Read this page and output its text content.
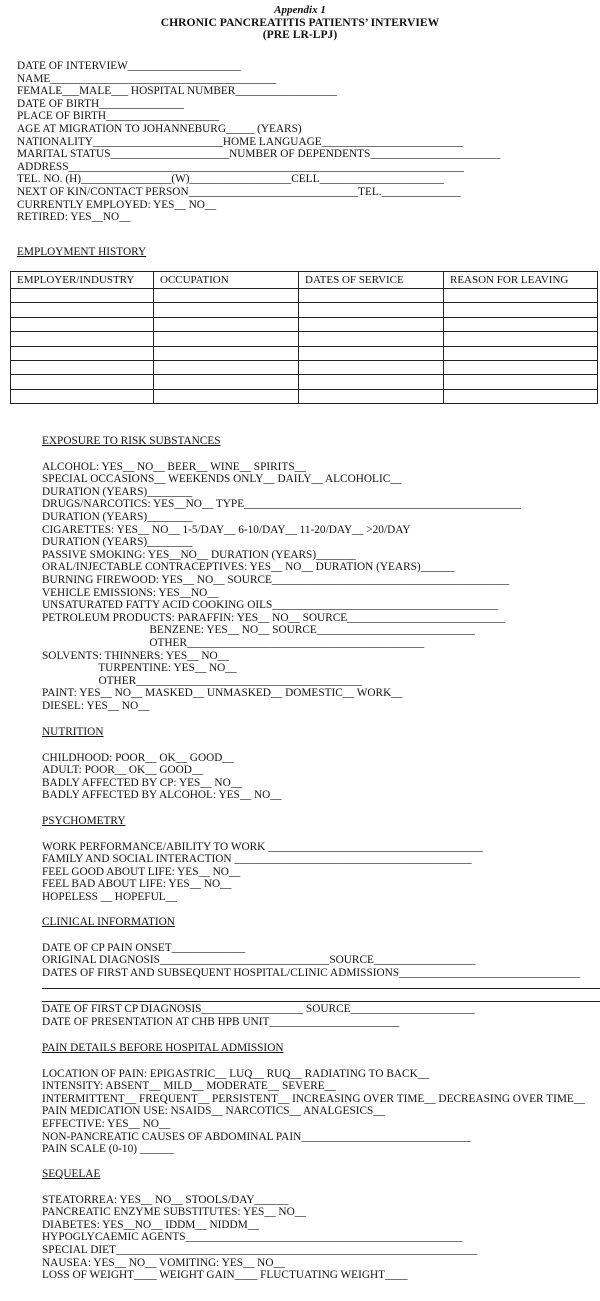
Appendix 1
CHRONIC PANCREATITIS PATIENTS’ INTERVIEW
(PRE LR-LPJ)
DATE OF INTERVIEW____________________
NAME________________________________________
FEMALE___MALE___ HOSPITAL NUMBER__________________
DATE OF BIRTH_______________
PLACE OF BIRTH____________________
AGE AT MIGRATION TO JOHANNEBURG_____ (YEARS)
NATIONALITY_______________________HOME LANGUAGE_________________________
MARITAL STATUS_____________________NUMBER OF DEPENDENTS_______________________
ADDRESS______________________________________________________________________
TEL. NO. (H)________________(W)__________________CELL______________________
NEXT OF KIN/CONTACT PERSON______________________________TEL.______________
CURRENTLY EMPLOYED: YES__ NO__
RETIRED: YES__NO__
EMPLOYMENT HISTORY
EMPLOYER/INDUSTRY	OCCUPATION	DATES OF SERVICE	REASON FOR LEAVING

EXPOSURE TO RISK SUBSTANCES
ALCOHOL: YES__ NO__ BEER__ WINE__ SPIRITS__
SPECIAL OCCASIONS__ WEEKENDS ONLY__ DAILY__ ALCOHOLIC__
DURATION (YEARS)________
DRUGS/NARCOTICS: YES__NO__ TYPE_________________________________________________
DURATION (YEARS)________
CIGARETTES: YES__ NO__ 1-5/DAY__ 6-10/DAY__ 11-20/DAY__ >20/DAY
DURATION (YEARS)________
PASSIVE SMOKING: YES__NO__ DURATION (YEARS)_______
ORAL/INJECTABLE CONTRACEPTIVES: YES__ NO__ DURATION (YEARS)______
BURNING FIREWOOD: YES__ NO__ SOURCE__________________________________________
VEHICLE EMISSIONS: YES__NO__
UNSATURATED FATTY ACID COOKING OILS________________________________________
PETROLEUM PRODUCTS: PARAFFIN: YES__ NO__ SOURCE____________________________
BENZENE: YES__ NO__ SOURCE____________________________
OTHER__________________________________________
SOLVENTS: THINNERS: YES__ NO__
TURPENTINE: YES__ NO__
OTHER________________________________________
PAINT: YES__ NO__ MASKED__ UNMASKED__ DOMESTIC__ WORK__
DIESEL: YES__ NO__
NUTRITION
CHILDHOOD: POOR__ OK__ GOOD__
ADULT: POOR__ OK__ GOOD__
BADLY AFFECTED BY CP: YES__ NO__
BADLY AFFECTED BY ALCOHOL: YES__ NO__
PSYCHOMETRY
WORK PERFORMANCE/ABILITY TO WORK ______________________________________
FAMILY AND SOCIAL INTERACTION __________________________________________
FEEL GOOD ABOUT LIFE: YES__ NO__
FEEL BAD ABOUT LIFE: YES__ NO__
HOPELESS __ HOPEFUL__
CLINICAL INFORMATION
DATE OF CP PAIN ONSET_____________
ORIGINAL DIAGNOSIS______________________________SOURCE__________________
DATES OF FIRST AND SUBSEQUENT HOSPITAL/CLINIC ADMISSIONS________________________________
DATE OF FIRST CP DIAGNOSIS__________________ SOURCE______________________
DATE OF PRESENTATION AT CHB HPB UNIT_______________________
PAIN DETAILS BEFORE HOSPITAL ADMISSION
LOCATION OF PAIN: EPIGASTRIC__ LUQ__ RUQ__ RADIATING TO BACK__
INTENSITY: ABSENT__ MILD__ MODERATE__ SEVERE__
INTERMITTENT__ FREQUENT__ PERSISTENT__ INCREASING OVER TIME__ DECREASING OVER TIME__
PAIN MEDICATION USE: NSAIDS__ NARCOTICS__ ANALGESICS__
EFFECTIVE: YES__ NO__
NON-PANCREATIC CAUSES OF ABDOMINAL PAIN______________________________
PAIN SCALE (0-10) ______
SEQUELAE
STEATORREA: YES__ NO__ STOOLS/DAY______
PANCREATIC ENZYME SUBSTITUTES: YES__ NO__
DIABETES: YES__NO__ IDDM__ NIDDM__
HYPOGLYCAEMIC AGENTS_________________________________________________
SPECIAL DIET________________________________________________________________
NAUSEA: YES__ NO__ VOMITING: YES__ NO__
LOSS OF WEIGHT____ WEIGHT GAIN____ FLUCTUATING WEIGHT____
